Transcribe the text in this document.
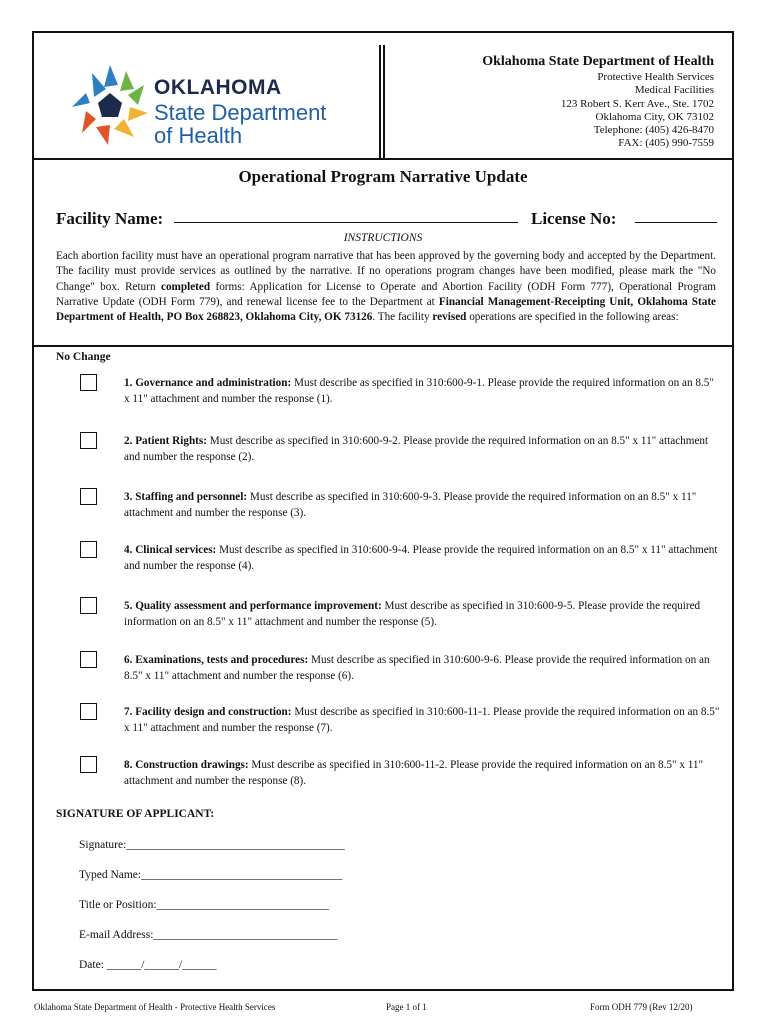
OKLAHOMA
State Department
of Health
Oklahoma State Department of Health
Protective Health Services
Medical Facilities
123 Robert S. Kerr Ave., Ste. 1702
Oklahoma City, OK 73102
Telephone: (405) 426-8470
FAX: (405) 990-7559
Operational Program Narrative Update
Facility Name:	License No:
INSTRUCTIONS
Each abortion facility must have an operational program narrative that has been approved by the governing body and accepted by the Department. The facility must provide services as outlined by the narrative. If no operations program changes have been modified, please mark the "No Change" box. Return completed forms: Application for License to Operate and Abortion Facility (ODH Form 777), Operational Program Narrative Update (ODH Form 779), and renewal license fee to the Department at Financial Management-Receipting Unit, Oklahoma State Department of Health, PO Box 268823, Oklahoma City, OK 73126. The facility revised operations are specified in the following areas:
No Change
1. Governance and administration: Must describe as specified in 310:600-9-1. Please provide the required information on an 8.5" x 11" attachment and number the response (1).
2. Patient Rights: Must describe as specified in 310:600-9-2. Please provide the required information on an 8.5" x 11" attachment and number the response (2).
3. Staffing and personnel: Must describe as specified in 310:600-9-3. Please provide the required information on an 8.5" x 11" attachment and number the response (3).
4. Clinical services: Must describe as specified in 310:600-9-4. Please provide the required information on an 8.5" x 11" attachment and number the response (4).
5. Quality assessment and performance improvement: Must describe as specified in 310:600-9-5. Please provide the required information on an 8.5" x 11" attachment and number the response (5).
6. Examinations, tests and procedures: Must describe as specified in 310:600-9-6. Please provide the required information on an 8.5" x 11" attachment and number the response (6).
7. Facility design and construction: Must describe as specified in 310:600-11-1. Please provide the required information on an 8.5" x 11" attachment and number the response (7).
8. Construction drawings: Must describe as specified in 310:600-11-2. Please provide the required information on an 8.5" x 11" attachment and number the response (8).
SIGNATURE OF APPLICANT:
Signature:______________________________________
Typed Name:___________________________________
Title or Position:______________________________
E-mail Address:________________________________
Date: ______/______/______
Oklahoma State Department of Health - Protective Health Services	Page 1 of 1	Form ODH 779 (Rev 12/20)
